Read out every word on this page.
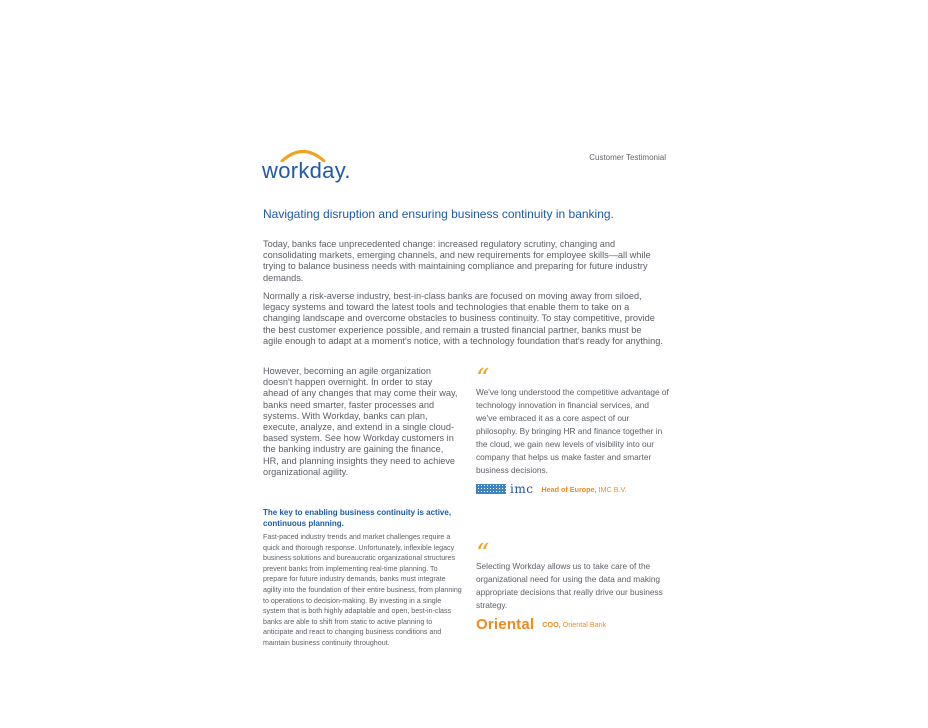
workday.
Customer Testimonial
Navigating disruption and ensuring business continuity in banking.

Today, banks face unprecedented change: increased regulatory scrutiny, changing and consolidating markets, emerging channels, and new requirements for employee skills—all while trying to balance business needs with maintaining compliance and preparing for future industry demands.

Normally a risk-averse industry, best-in-class banks are focused on moving away from siloed, legacy systems and toward the latest tools and technologies that enable them to take on a changing landscape and overcome obstacles to business continuity. To stay competitive, provide the best customer experience possible, and remain a trusted financial partner, banks must be agile enough to adapt at a moment's notice, with a technology foundation that's ready for anything.

However, becoming an agile organization doesn't happen overnight. In order to stay ahead of any changes that may come their way, banks need smarter, faster processes and systems. With Workday, banks can plan, execute, analyze, and extend in a single cloud-based system. See how Workday customers in the banking industry are gaining the finance, HR, and planning insights they need to achieve organizational agility.

The key to enabling business continuity is active, continuous planning.

Fast-paced industry trends and market challenges require a quick and thorough response. Unfortunately, inflexible legacy business solutions and bureaucratic organizational structures prevent banks from implementing real-time planning. To prepare for future industry demands, banks must integrate agility into the foundation of their entire business, from planning to operations to decision-making. By investing in a single system that is both highly adaptable and open, best-in-class banks are able to shift from static to active planning to anticipate and react to changing business conditions and maintain business continuity throughout.

“

We've long understood the competitive advantage of technology innovation in financial services, and we've embraced it as a core aspect of our philosophy. By bringing HR and finance together in the cloud, we gain new levels of visibility into our company that helps us make faster and smarter business decisions.

imc Head of Europe, IMC B.V.
“

Selecting Workday allows us to take care of the organizational need for using the data and making appropriate decisions that really drive our business strategy.

Oriental COO, Oriental Bank
